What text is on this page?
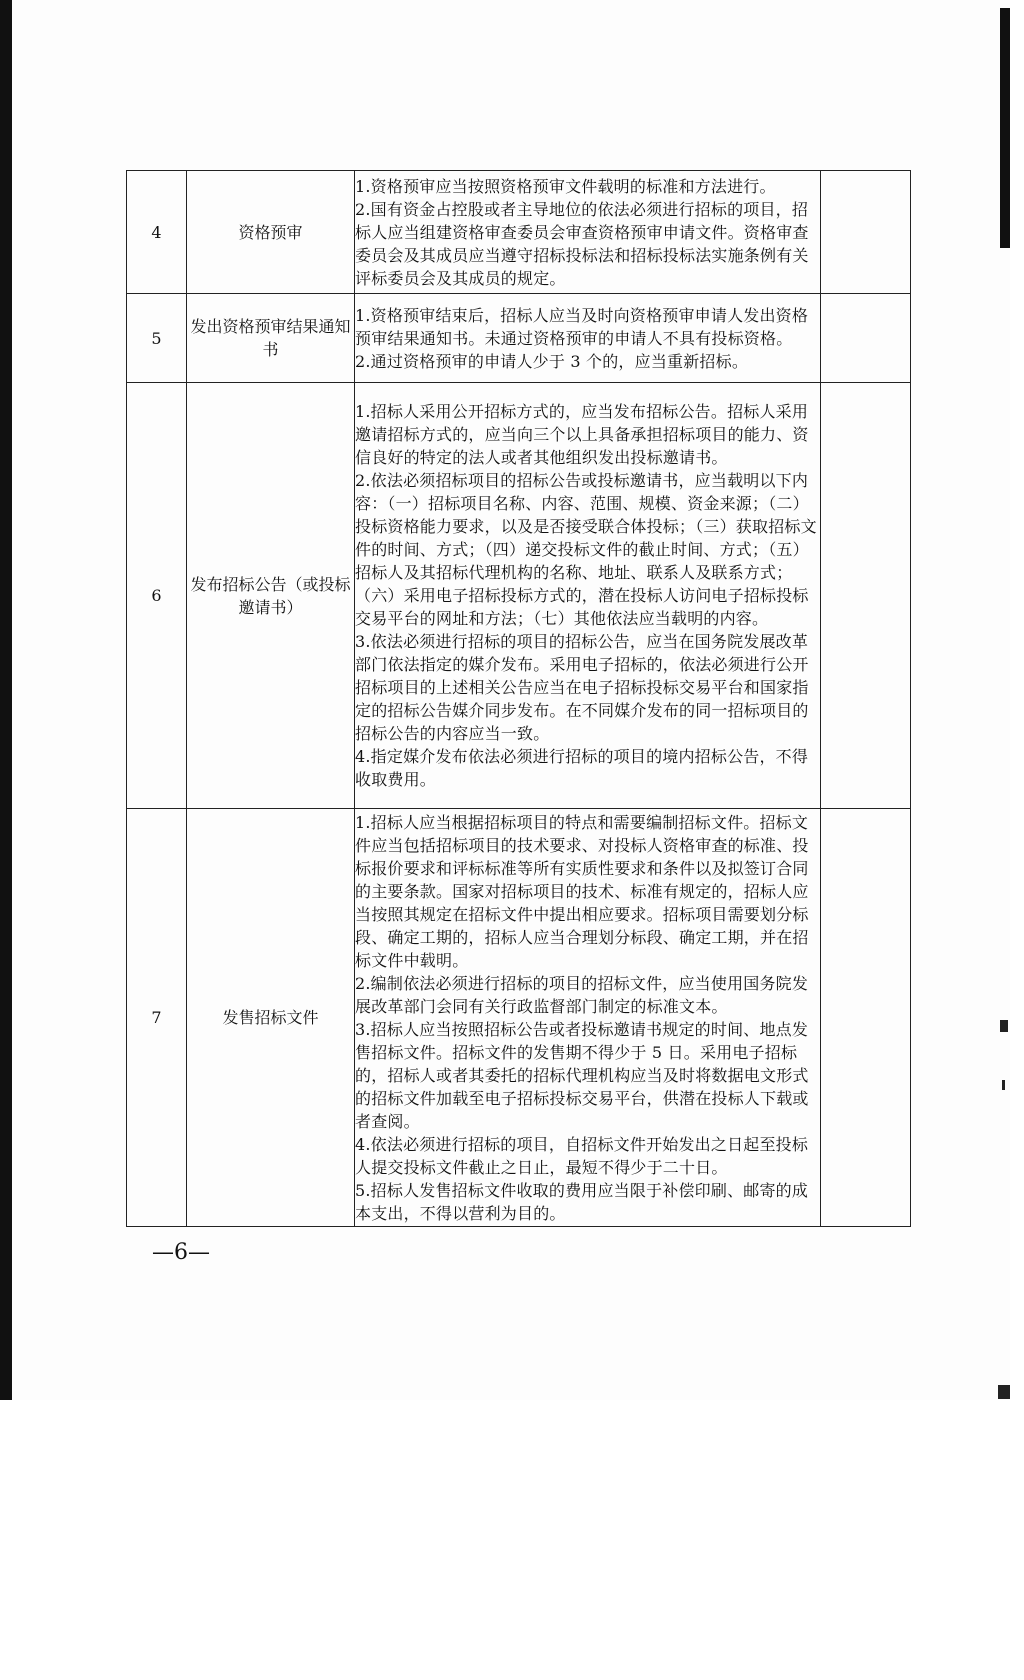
4	资格预审	1.资格预审应当按照资格预审文件载明的标准和方法进行。
2.国有资金占控股或者主导地位的依法必须进行招标的项目，招标人应当组建资格审查委员会审查资格预审申请文件。资格审查委员会及其成员应当遵守招标投标法和招标投标法实施条例有关评标委员会及其成员的规定。	

5	发出资格预审结果通知书	1.资格预审结束后，招标人应当及时向资格预审申请人发出资格预审结果通知书。未通过资格预审的申请人不具有投标资格。
2.通过资格预审的申请人少于 3 个的，应当重新招标。	

6	发布招标公告（或投标邀请书）	1.招标人采用公开招标方式的，应当发布招标公告。招标人采用邀请招标方式的，应当向三个以上具备承担招标项目的能力、资信良好的特定的法人或者其他组织发出投标邀请书。
2.依法必须招标项目的招标公告或投标邀请书，应当载明以下内容：（一）招标项目名称、内容、范围、规模、资金来源；（二）投标资格能力要求，以及是否接受联合体投标；（三）获取招标文件的时间、方式；（四）递交投标文件的截止时间、方式；（五）招标人及其招标代理机构的名称、地址、联系人及联系方式；（六）采用电子招标投标方式的，潜在投标人访问电子招标投标交易平台的网址和方法；（七）其他依法应当载明的内容。
3.依法必须进行招标的项目的招标公告，应当在国务院发展改革部门依法指定的媒介发布。采用电子招标的，依法必须进行公开招标项目的上述相关公告应当在电子招标投标交易平台和国家指定的招标公告媒介同步发布。在不同媒介发布的同一招标项目的招标公告的内容应当一致。
4.指定媒介发布依法必须进行招标的项目的境内招标公告，不得收取费用。	

7	发售招标文件	1.招标人应当根据招标项目的特点和需要编制招标文件。招标文件应当包括招标项目的技术要求、对投标人资格审查的标准、投标报价要求和评标标准等所有实质性要求和条件以及拟签订合同的主要条款。国家对招标项目的技术、标准有规定的，招标人应当按照其规定在招标文件中提出相应要求。招标项目需要划分标段、确定工期的，招标人应当合理划分标段、确定工期，并在招标文件中载明。
2.编制依法必须进行招标的项目的招标文件，应当使用国务院发展改革部门会同有关行政监督部门制定的标准文本。
3.招标人应当按照招标公告或者投标邀请书规定的时间、地点发售招标文件。招标文件的发售期不得少于 5 日。采用电子招标的，招标人或者其委托的招标代理机构应当及时将数据电文形式的招标文件加载至电子招标投标交易平台，供潜在投标人下载或者查阅。
4.依法必须进行招标的项目，自招标文件开始发出之日起至投标人提交投标文件截止之日止，最短不得少于二十日。
5.招标人发售招标文件收取的费用应当限于补偿印刷、邮寄的成本支出，不得以营利为目的。	

—6—
